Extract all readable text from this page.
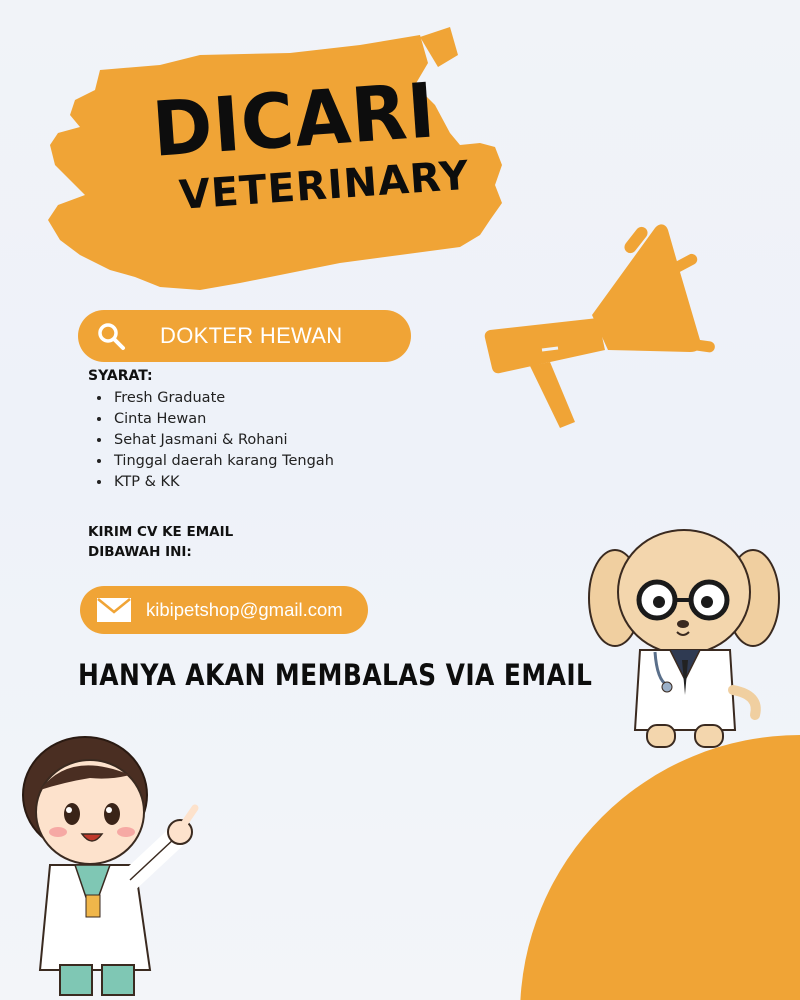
DICARI
VETERINARY
DOKTER HEWAN

SYARAT:

• Fresh Graduate
• Cinta Hewan
• Sehat Jasmani & Rohani
• Tinggal daerah karang Tengah
• KTP & KK

KIRIM CV KE EMAIL
DIBAWAH INI:

kibipetshop@gmail.com

HANYA AKAN MEMBALAS VIA EMAIL
